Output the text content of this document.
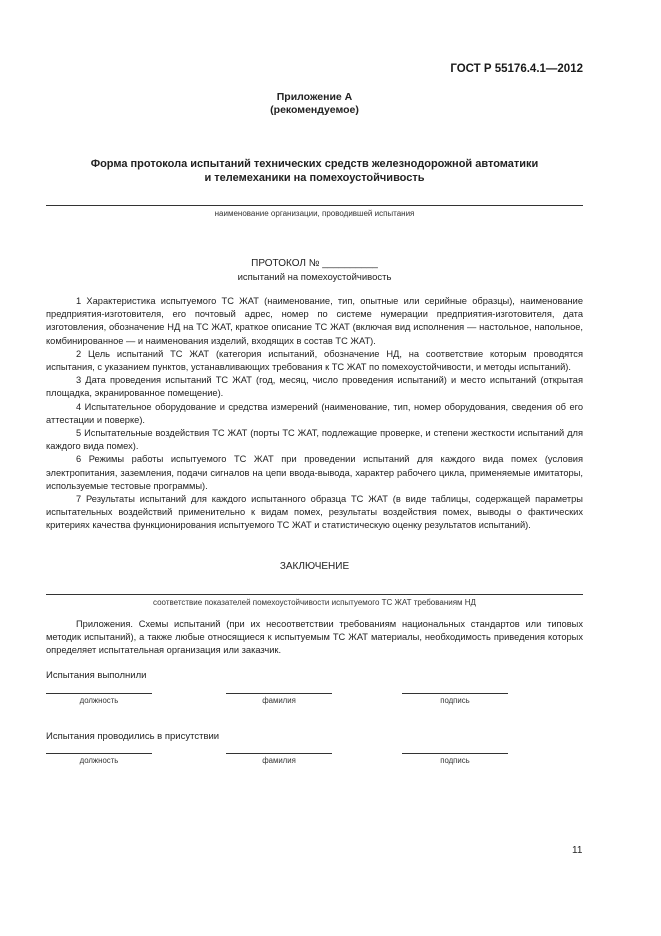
ГОСТ Р 55176.4.1—2012
Приложение А
(рекомендуемое)
Форма протокола испытаний технических средств железнодорожной автоматики
и телемеханики на помехоустойчивость
наименование организации, проводившей испытания
ПРОТОКОЛ № __________
испытаний на помехоустойчивость

1 Характеристика испытуемого ТС ЖАТ (наименование, тип, опытные или серийные образцы), наименование предприятия-изготовителя, его почтовый адрес, номер по системе нумерации предприятия-изготовителя, дата изготовления, обозначение НД на ТС ЖАТ, краткое описание ТС ЖАТ (включая вид исполнения — настольное, напольное, комбинированное — и наименования изделий, входящих в состав ТС ЖАТ).

2 Цель испытаний ТС ЖАТ (категория испытаний, обозначение НД, на соответствие которым проводятся испытания, с указанием пунктов, устанавливающих требования к ТС ЖАТ по помехоустойчивости, и методы испытаний).

3 Дата проведения испытаний ТС ЖАТ (год, месяц, число проведения испытаний) и место испытаний (открытая площадка, экранированное помещение).

4 Испытательное оборудование и средства измерений (наименование, тип, номер оборудования, сведения об его аттестации и поверке).

5 Испытательные воздействия ТС ЖАТ (порты ТС ЖАТ, подлежащие проверке, и степени жесткости испытаний для каждого вида помех).

6 Режимы работы испытуемого ТС ЖАТ при проведении испытаний для каждого вида помех (условия электропитания, заземления, подачи сигналов на цепи ввода-вывода, характер рабочего цикла, применяемые имитаторы, используемые тестовые программы).

7 Результаты испытаний для каждого испытанного образца ТС ЖАТ (в виде таблицы, содержащей параметры испытательных воздействий применительно к видам помех, результаты воздействия помех, выводы о фактических критериях качества функционирования испытуемого ТС ЖАТ и статистическую оценку результатов испытаний).

ЗАКЛЮЧЕНИЕ
соответствие показателей помехоустойчивости испытуемого ТС ЖАТ требованиям НД

Приложения. Схемы испытаний (при их несоответствии требованиям национальных стандартов или типовых методик испытаний), а также любые относящиеся к испытуемым ТС ЖАТ материалы, необходимость приведения которых определяет испытательная организация или заказчик.

Испытания выполнили
должность	фамилия	подпись
Испытания проводились в присутствии
должность	фамилия	подпись
11
